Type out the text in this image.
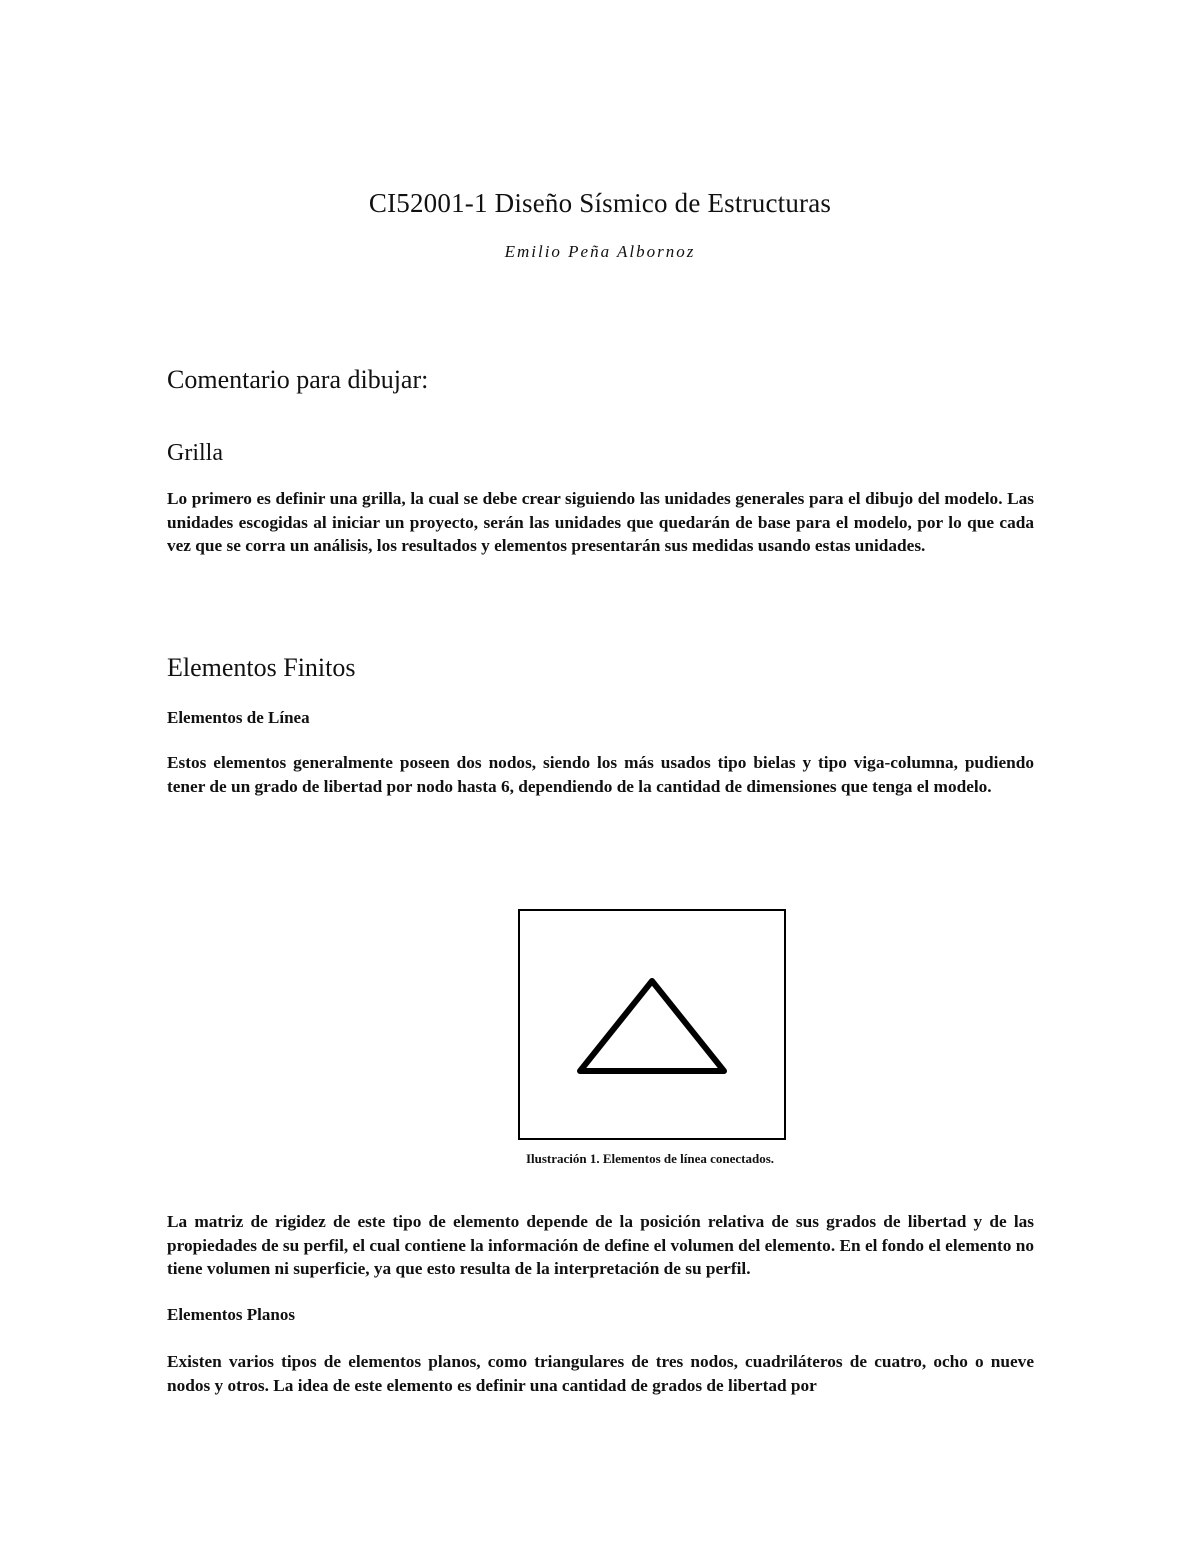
CI52001-1 Diseño Sísmico de Estructuras
Emilio Peña Albornoz
Comentario para dibujar:
Grilla

Lo primero es definir una grilla, la cual se debe crear siguiendo las unidades generales para el dibujo del modelo. Las unidades escogidas al iniciar un proyecto, serán las unidades que quedarán de base para el modelo, por lo que cada vez que se corra un análisis, los resultados y elementos presentarán sus medidas usando estas unidades.

Elementos Finitos
Elementos de Línea

Estos elementos generalmente poseen dos nodos, siendo los más usados tipo bielas y tipo viga-columna, pudiendo tener de un grado de libertad por nodo hasta 6, dependiendo de la cantidad de dimensiones que tenga el modelo.

Ilustración 1. Elementos de línea conectados.

La matriz de rigidez de este tipo de elemento depende de la posición relativa de sus grados de libertad y de las propiedades de su perfil, el cual contiene la información de define el volumen del elemento. En el fondo el elemento no tiene volumen ni superficie, ya que esto resulta de la interpretación de su perfil.

Elementos Planos

Existen varios tipos de elementos planos, como triangulares de tres nodos, cuadriláteros de cuatro, ocho o nueve nodos y otros. La idea de este elemento es definir una cantidad de grados de libertad por
